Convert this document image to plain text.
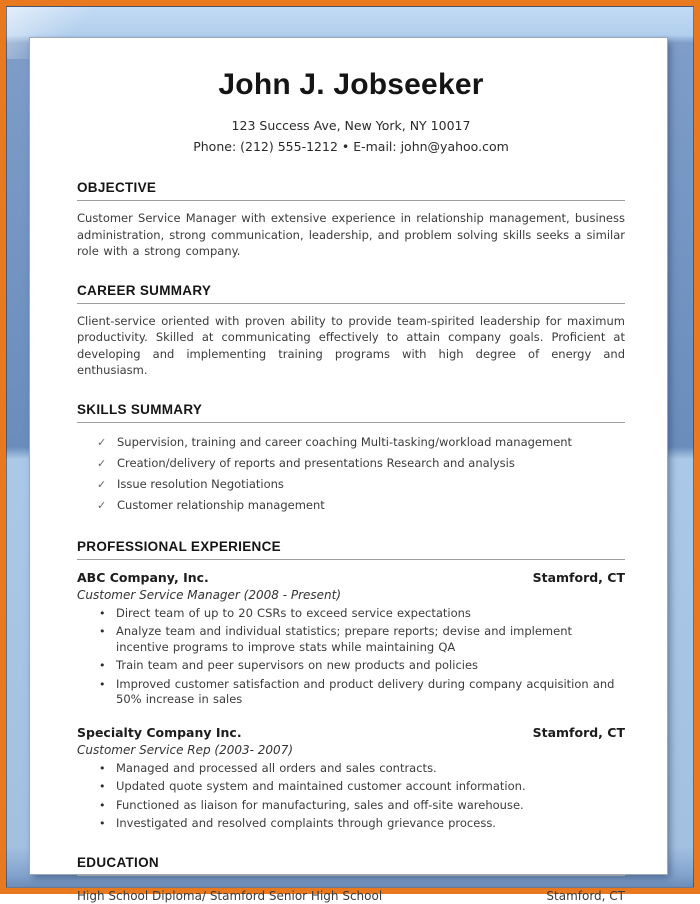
John J. Jobseeker

123 Success Ave, New York, NY 10017

Phone: (212) 555-1212 • E-mail: john@yahoo.com

OBJECTIVE

Customer Service Manager with extensive experience in relationship management, business administration, strong communication, leadership, and problem solving skills seeks a similar role with a strong company.

CAREER SUMMARY

Client-service oriented with proven ability to provide team-spirited leadership for maximum productivity. Skilled at communicating effectively to attain company goals. Proficient at developing and implementing training programs with high degree of energy and enthusiasm.

SKILLS SUMMARY
✓ Supervision, training and career coaching Multi-tasking/workload management
✓ Creation/delivery of reports and presentations Research and analysis
✓ Issue resolution Negotiations
✓ Customer relationship management
PROFESSIONAL EXPERIENCE
ABC Company, Inc.	Stamford, CT
Customer Service Manager (2008 - Present)
• Direct team of up to 20 CSRs to exceed service expectations
• Analyze team and individual statistics; prepare reports; devise and implement incentive programs to improve stats while maintaining QA
• Train team and peer supervisors on new products and policies
• Improved customer satisfaction and product delivery during company acquisition and 50% increase in sales
Specialty Company Inc.	Stamford, CT
Customer Service Rep (2003- 2007)
• Managed and processed all orders and sales contracts.
• Updated quote system and maintained customer account information.
• Functioned as liaison for manufacturing, sales and off-site warehouse.
• Investigated and resolved complaints through grievance process.
EDUCATION
High School Diploma/ Stamford Senior High School	Stamford, CT
